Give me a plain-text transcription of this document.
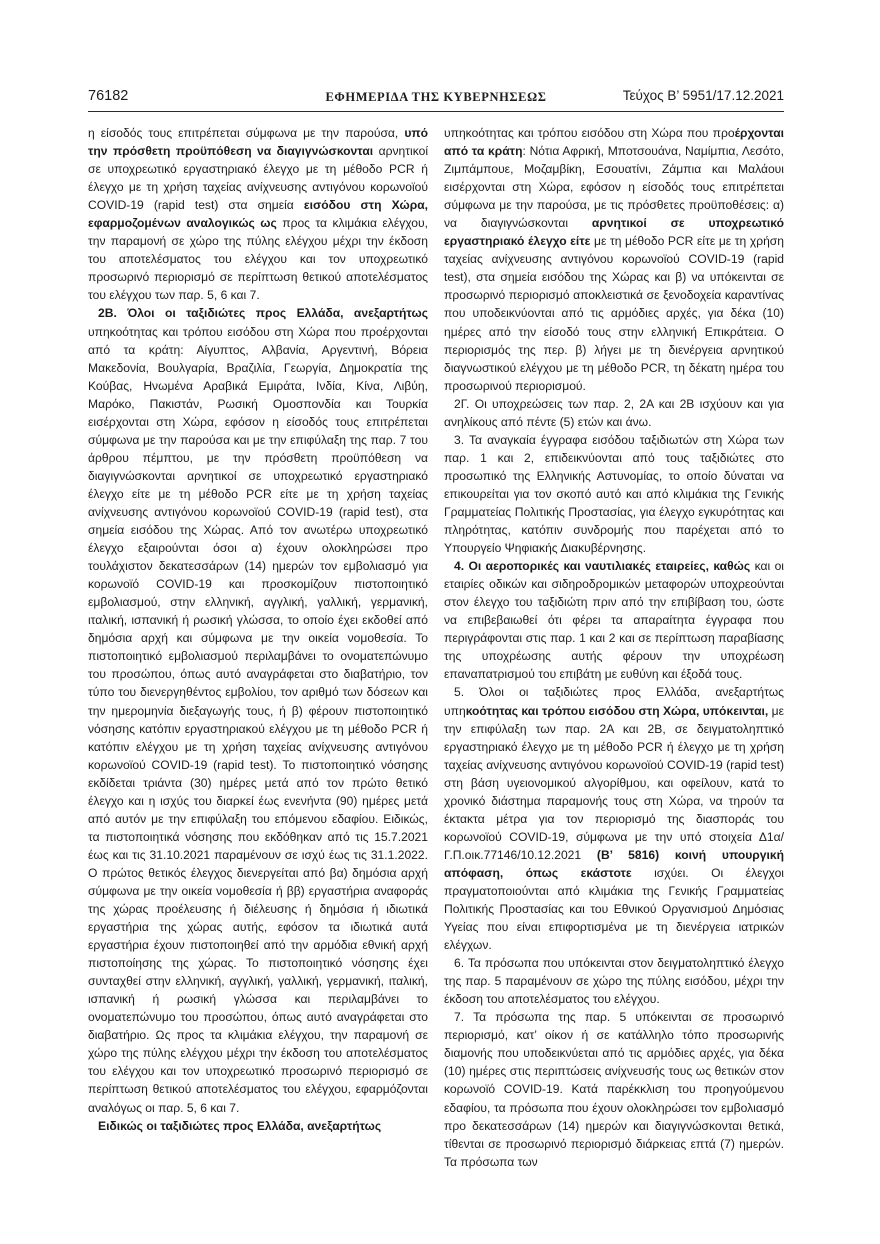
76182	ΕΦΗΜΕΡΙΔΑ ΤΗΣ ΚΥΒΕΡΝΗΣΕΩΣ	Τεύχος Β’ 5951/17.12.2021

η είσοδός τους επιτρέπεται σύμφωνα με την παρούσα, υπό την πρόσθετη προϋπόθεση να διαγιγνώσκονται αρνητικοί σε υποχρεωτικό εργαστηριακό έλεγχο με τη μέθοδο PCR ή έλεγχο με τη χρήση ταχείας ανίχνευσης αντιγόνου κορωνοϊού COVID-19 (rapid test) στα σημεία εισόδου στη Χώρα, εφαρμοζομένων αναλογικώς ως προς τα κλιμάκια ελέγχου, την παραμονή σε χώρο της πύλης ελέγχου μέχρι την έκδοση του αποτελέσματος του ελέγχου και τον υποχρεωτικό προσωρινό περιορισμό σε περίπτωση θετικού αποτελέσματος του ελέγχου των παρ. 5, 6 και 7.

2Β. Όλοι οι ταξιδιώτες προς Ελλάδα, ανεξαρτήτως υπηκοότητας και τρόπου εισόδου στη Χώρα που προέρχονται από τα κράτη: Αίγυπτος, Αλβανία, Αργεντινή, Βόρεια Μακεδονία, Βουλγαρία, Βραζιλία, Γεωργία, Δημοκρατία της Κούβας, Ηνωμένα Αραβικά Εμιράτα, Ινδία, Κίνα, Λιβύη, Μαρόκο, Πακιστάν, Ρωσική Ομοσπονδία και Τουρκία εισέρχονται στη Χώρα, εφόσον η είσοδός τους επιτρέπεται σύμφωνα με την παρούσα και με την επιφύλαξη της παρ. 7 του άρθρου πέμπτου, με την πρόσθετη προϋπόθεση να διαγιγνώσκονται αρνητικοί σε υποχρεωτικό εργαστηριακό έλεγχο είτε με τη μέθοδο PCR είτε με τη χρήση ταχείας ανίχνευσης αντιγόνου κορωνοϊού COVID-19 (rapid test), στα σημεία εισόδου της Χώρας. Από τον ανωτέρω υποχρεωτικό έλεγχο εξαιρούνται όσοι α) έχουν ολοκληρώσει προ τουλάχιστον δεκατεσσάρων (14) ημερών τον εμβολιασμό για κορωνοϊό COVID-19 και προσκομίζουν πιστοποιητικό εμβολιασμού, στην ελληνική, αγγλική, γαλλική, γερμανική, ιταλική, ισπανική ή ρωσική γλώσσα, το οποίο έχει εκδοθεί από δημόσια αρχή και σύμφωνα με την οικεία νομοθεσία. Το πιστοποιητικό εμβολιασμού περιλαμβάνει το ονοματεπώνυμο του προσώπου, όπως αυτό αναγράφεται στο διαβατήριο, τον τύπο του διενεργηθέντος εμβολίου, τον αριθμό των δόσεων και την ημερομηνία διεξαγωγής τους, ή β) φέρουν πιστοποιητικό νόσησης κατόπιν εργαστηριακού ελέγχου με τη μέθοδο PCR ή κατόπιν ελέγχου με τη χρήση ταχείας ανίχνευσης αντιγόνου κορωνοϊού COVID-19 (rapid test). Το πιστοποιητικό νόσησης εκδίδεται τριάντα (30) ημέρες μετά από τον πρώτο θετικό έλεγχο και η ισχύς του διαρκεί έως ενενήντα (90) ημέρες μετά από αυτόν με την επιφύλαξη του επόμενου εδαφίου. Ειδικώς, τα πιστοποιητικά νόσησης που εκδόθηκαν από τις 15.7.2021 έως και τις 31.10.2021 παραμένουν σε ισχύ έως τις 31.1.2022. Ο πρώτος θετικός έλεγχος διενεργείται από βα) δημόσια αρχή σύμφωνα με την οικεία νομοθεσία ή ββ) εργαστήρια αναφοράς της χώρας προέλευσης ή διέλευσης ή δημόσια ή ιδιωτικά εργαστήρια της χώρας αυτής, εφόσον τα ιδιωτικά αυτά εργαστήρια έχουν πιστοποιηθεί από την αρμόδια εθνική αρχή πιστοποίησης της χώρας. Το πιστοποιητικό νόσησης έχει συνταχθεί στην ελληνική, αγγλική, γαλλική, γερμανική, ιταλική, ισπανική ή ρωσική γλώσσα και περιλαμβάνει το ονοματεπώνυμο του προσώπου, όπως αυτό αναγράφεται στο διαβατήριο. Ως προς τα κλιμάκια ελέγχου, την παραμονή σε χώρο της πύλης ελέγχου μέχρι την έκδοση του αποτελέσματος του ελέγχου και τον υποχρεωτικό προσωρινό περιορισμό σε περίπτωση θετικού αποτελέσματος του ελέγχου, εφαρμόζονται αναλόγως οι παρ. 5, 6 και 7.

Ειδικώς οι ταξιδιώτες προς Ελλάδα, ανεξαρτήτως

υπηκοότητας και τρόπου εισόδου στη Χώρα που προέρχονται από τα κράτη: Νότια Αφρική, Μποτσουάνα, Ναμίμπια, Λεσότο, Ζιμπάμπουε, Μοζαμβίκη, Εσουατίνι, Ζάμπια και Μαλάουι εισέρχονται στη Χώρα, εφόσον η είσοδός τους επιτρέπεται σύμφωνα με την παρούσα, με τις πρόσθετες προϋποθέσεις: α) να διαγιγνώσκονται αρνητικοί σε υποχρεωτικό εργαστηριακό έλεγχο είτε με τη μέθοδο PCR είτε με τη χρήση ταχείας ανίχνευσης αντιγόνου κορωνοϊού COVID-19 (rapid test), στα σημεία εισόδου της Χώρας και β) να υπόκεινται σε προσωρινό περιορισμό αποκλειστικά σε ξενοδοχεία καραντίνας που υποδεικνύονται από τις αρμόδιες αρχές, για δέκα (10) ημέρες από την είσοδό τους στην ελληνική Επικράτεια. Ο περιορισμός της περ. β) λήγει με τη διενέργεια αρνητικού διαγνωστικού ελέγχου με τη μέθοδο PCR, τη δέκατη ημέρα του προσωρινού περιορισμού.

2Γ. Οι υποχρεώσεις των παρ. 2, 2Α και 2Β ισχύουν και για ανηλίκους από πέντε (5) ετών και άνω.

3. Τα αναγκαία έγγραφα εισόδου ταξιδιωτών στη Χώρα των παρ. 1 και 2, επιδεικνύονται από τους ταξιδιώτες στο προσωπικό της Ελληνικής Αστυνομίας, το οποίο δύναται να επικουρείται για τον σκοπό αυτό και από κλιμάκια της Γενικής Γραμματείας Πολιτικής Προστασίας, για έλεγχο εγκυρότητας και πληρότητας, κατόπιν συνδρομής που παρέχεται από το Υπουργείο Ψηφιακής Διακυβέρνησης.

4. Οι αεροπορικές και ναυτιλιακές εταιρείες, καθώς και οι εταιρίες οδικών και σιδηροδρομικών μεταφορών υποχρεούνται στον έλεγχο του ταξιδιώτη πριν από την επιβίβαση του, ώστε να επιβεβαιωθεί ότι φέρει τα απαραίτητα έγγραφα που περιγράφονται στις παρ. 1 και 2 και σε περίπτωση παραβίασης της υποχρέωσης αυτής φέρουν την υποχρέωση επαναπατρισμού του επιβάτη με ευθύνη και έξοδά τους.

5. Όλοι οι ταξιδιώτες προς Ελλάδα, ανεξαρτήτως υπηκοότητας και τρόπου εισόδου στη Χώρα, υπόκεινται, με την επιφύλαξη των παρ. 2Α και 2Β, σε δειγματοληπτικό εργαστηριακό έλεγχο με τη μέθοδο PCR ή έλεγχο με τη χρήση ταχείας ανίχνευσης αντιγόνου κορωνοϊού COVID-19 (rapid test) στη βάση υγειονομικού αλγορίθμου, και οφείλουν, κατά το χρονικό διάστημα παραμονής τους στη Χώρα, να τηρούν τα έκτακτα μέτρα για τον περιορισμό της διασποράς του κορωνοϊού COVID-19, σύμφωνα με την υπό στοιχεία Δ1α/Γ.Π.οικ.77146/10.12.2021 (Β’ 5816) κοινή υπουργική απόφαση, όπως εκάστοτε ισχύει. Οι έλεγχοι πραγματοποιούνται από κλιμάκια της Γενικής Γραμματείας Πολιτικής Προστασίας και του Εθνικού Οργανισμού Δημόσιας Υγείας που είναι επιφορτισμένα με τη διενέργεια ιατρικών ελέγχων.

6. Τα πρόσωπα που υπόκεινται στον δειγματοληπτικό έλεγχο της παρ. 5 παραμένουν σε χώρο της πύλης εισόδου, μέχρι την έκδοση του αποτελέσματος του ελέγχου.

7. Τα πρόσωπα της παρ. 5 υπόκεινται σε προσωρινό περιορισμό, κατ’ οίκον ή σε κατάλληλο τόπο προσωρινής διαμονής που υποδεικνύεται από τις αρμόδιες αρχές, για δέκα (10) ημέρες στις περιπτώσεις ανίχνευσής τους ως θετικών στον κορωνοϊό COVID-19. Κατά παρέκκλιση του προηγούμενου εδαφίου, τα πρόσωπα που έχουν ολοκληρώσει τον εμβολιασμό προ δεκατεσσάρων (14) ημερών και διαγιγνώσκονται θετικά, τίθενται σε προσωρινό περιορισμό διάρκειας επτά (7) ημερών. Τα πρόσωπα των
